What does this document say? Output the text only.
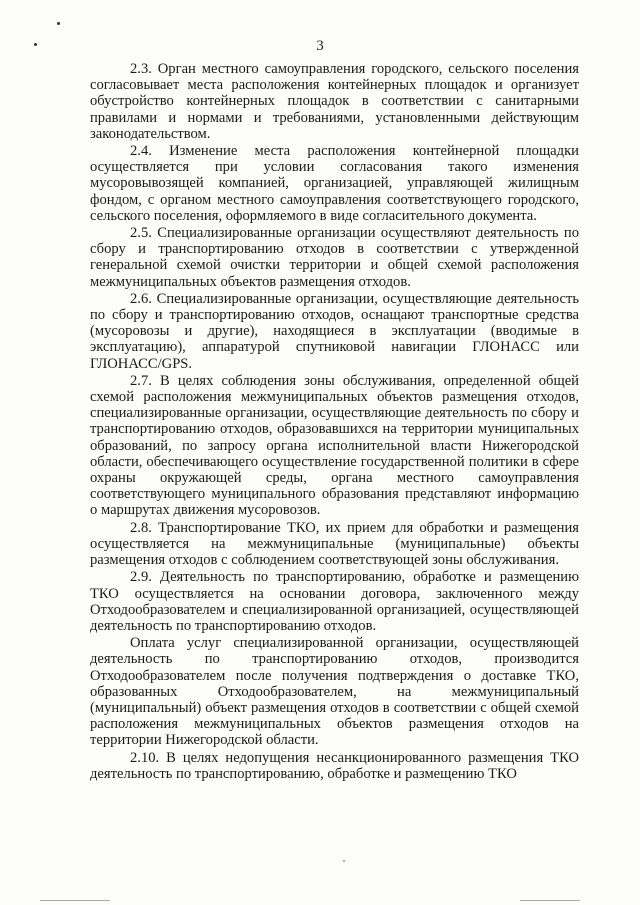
3

2.3. Орган местного самоуправления городского, сельского поселения согласовывает места расположения контейнерных площадок и организует обустройство контейнерных площадок в соответствии с санитарными правилами и нормами и требованиями, установленными действующим законодательством.

2.4. Изменение места расположения контейнерной площадки осуществляется при условии согласования такого изменения мусоровывозящей компанией, организацией, управляющей жилищным фондом, с органом местного самоуправления соответствующего городского, сельского поселения, оформляемого в виде согласительного документа.

2.5. Специализированные организации осуществляют деятельность по сбору и транспортированию отходов в соответствии с утвержденной генеральной схемой очистки территории и общей схемой расположения межмуниципальных объектов размещения отходов.

2.6. Специализированные организации, осуществляющие деятельность по сбору и транспортированию отходов, оснащают транспортные средства (мусоровозы и другие), находящиеся в эксплуатации (вводимые в эксплуатацию), аппаратурой спутниковой навигации ГЛОНАСС или ГЛОНАСС/GPS.

2.7. В целях соблюдения зоны обслуживания, определенной общей схемой расположения межмуниципальных объектов размещения отходов, специализированные организации, осуществляющие деятельность по сбору и транспортированию отходов, образовавшихся на территории муниципальных образований, по запросу органа исполнительной власти Нижегородской области, обеспечивающего осуществление государственной политики в сфере охраны окружающей среды, органа местного самоуправления соответствующего муниципального образования представляют информацию о маршрутах движения мусоровозов.

2.8. Транспортирование ТКО, их прием для обработки и размещения осуществляется на межмуниципальные (муниципальные) объекты размещения отходов с соблюдением соответствующей зоны обслуживания.

2.9. Деятельность по транспортированию, обработке и размещению ТКО осуществляется на основании договора, заключенного между Отходообразователем и специализированной организацией, осуществляющей деятельность по транспортированию отходов.

Оплата услуг специализированной организации, осуществляющей деятельность по транспортированию отходов, производится Отходообразователем после получения подтверждения о доставке ТКО, образованных Отходообразователем, на межмуниципальный (муниципальный) объект размещения отходов в соответствии с общей схемой расположения межмуниципальных объектов размещения отходов на территории Нижегородской области.

2.10. В целях недопущения несанкционированного размещения ТКО деятельность по транспортированию, обработке и размещению ТКО
